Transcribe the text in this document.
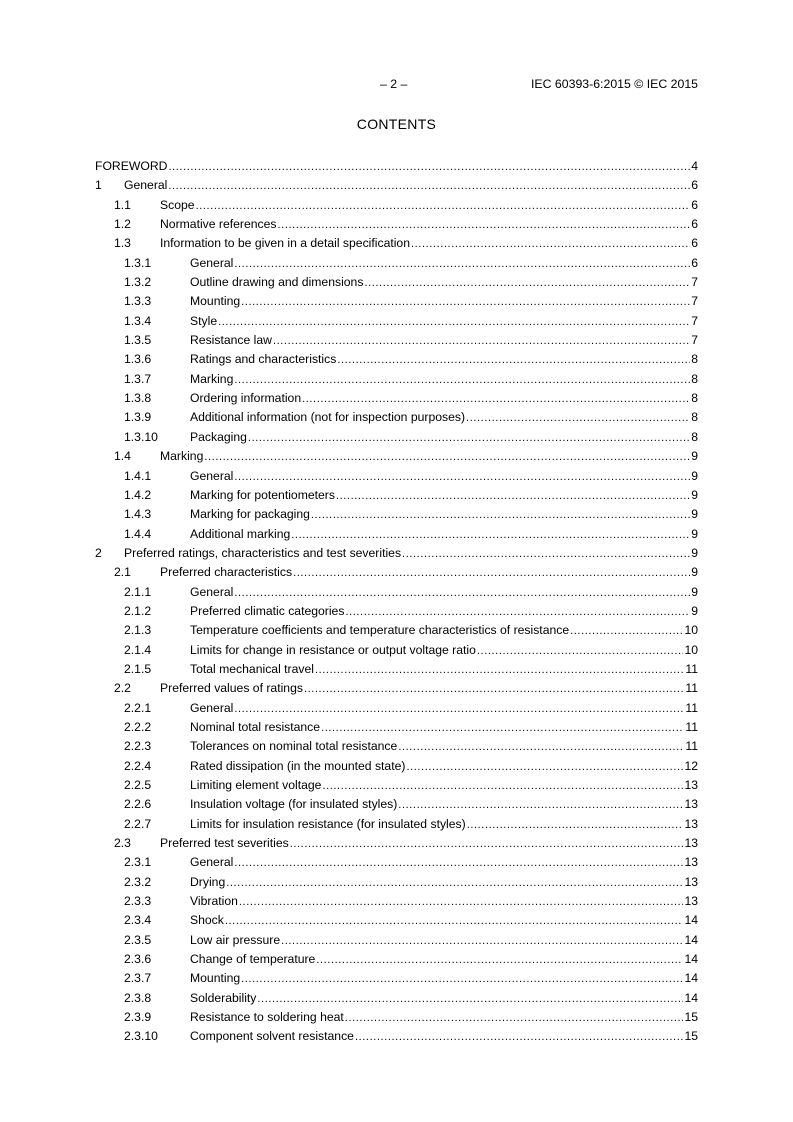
– 2 –	IEC 60393-6:2015 © IEC 2015
CONTENTS
FOREWORD .....	4
1	General .....	6
1.1	Scope .....	6
1.2	Normative references .....	6
1.3	Information to be given in a detail specification .....	6
1.3.1	General .....	6
1.3.2	Outline drawing and dimensions .....	7
1.3.3	Mounting .....	7
1.3.4	Style .....	7
1.3.5	Resistance law .....	7
1.3.6	Ratings and characteristics .....	8
1.3.7	Marking .....	8
1.3.8	Ordering information .....	8
1.3.9	Additional information (not for inspection purposes) .....	8
1.3.10	Packaging .....	8
1.4	Marking .....	9
1.4.1	General .....	9
1.4.2	Marking for potentiometers .....	9
1.4.3	Marking for packaging .....	9
1.4.4	Additional marking .....	9
2	Preferred ratings, characteristics and test severities .....	9
2.1	Preferred characteristics .....	9
2.1.1	General .....	9
2.1.2	Preferred climatic categories .....	9
2.1.3	Temperature coefficients and temperature characteristics of resistance .....	10
2.1.4	Limits for change in resistance or output voltage ratio .....	10
2.1.5	Total mechanical travel .....	11
2.2	Preferred values of ratings .....	11
2.2.1	General .....	11
2.2.2	Nominal total resistance .....	11
2.2.3	Tolerances on nominal total resistance .....	11
2.2.4	Rated dissipation (in the mounted state) .....	12
2.2.5	Limiting element voltage .....	13
2.2.6	Insulation voltage (for insulated styles) .....	13
2.2.7	Limits for insulation resistance (for insulated styles) .....	13
2.3	Preferred test severities .....	13
2.3.1	General .....	13
2.3.2	Drying .....	13
2.3.3	Vibration .....	13
2.3.4	Shock .....	14
2.3.5	Low air pressure .....	14
2.3.6	Change of temperature .....	14
2.3.7	Mounting .....	14
2.3.8	Solderability .....	14
2.3.9	Resistance to soldering heat .....	15
2.3.10	Component solvent resistance .....	15
